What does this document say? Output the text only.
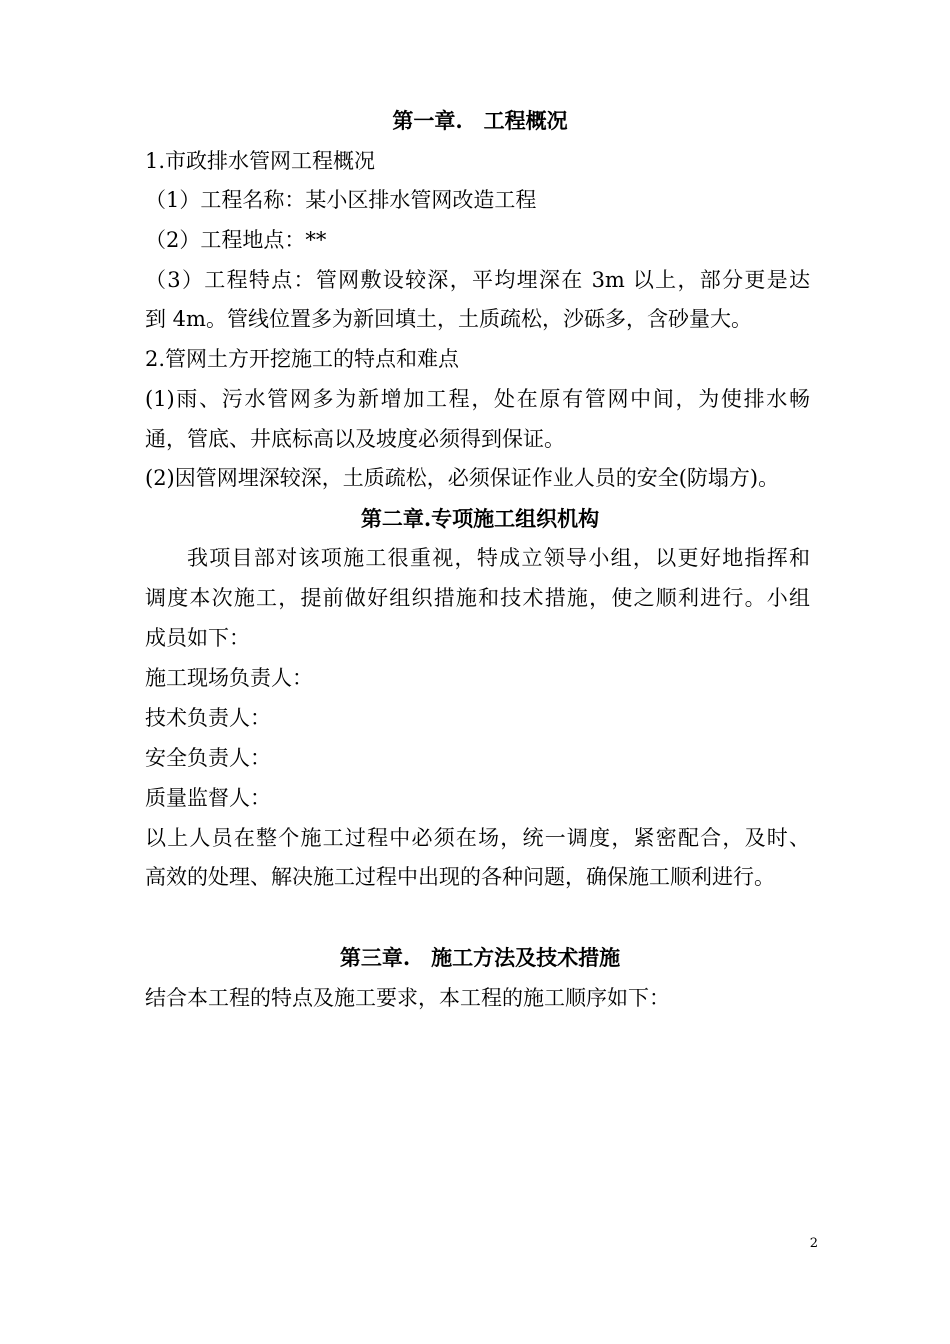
第一章.　工程概况
1.市政排水管网工程概况
（1）工程名称：某小区排水管网改造工程
（2）工程地点：**
（3）工程特点：管网敷设较深，平均埋深在 3m 以上，部分更是达
到 4m。管线位置多为新回填土，土质疏松，沙砾多，含砂量大。
2.管网土方开挖施工的特点和难点
(1)雨、污水管网多为新增加工程，处在原有管网中间，为使排水畅
通，管底、井底标高以及坡度必须得到保证。
(2)因管网埋深较深，土质疏松，必须保证作业人员的安全(防塌方)。
第二章.专项施工组织机构
我项目部对该项施工很重视，特成立领导小组，以更好地指挥和
调度本次施工，提前做好组织措施和技术措施，使之顺利进行。小组
成员如下：
施工现场负责人：
技术负责人：
安全负责人：
质量监督人：
以上人员在整个施工过程中必须在场，统一调度，紧密配合，及时、
高效的处理、解决施工过程中出现的各种问题，确保施工顺利进行。
第三章.　施工方法及技术措施
结合本工程的特点及施工要求，本工程的施工顺序如下：
2
